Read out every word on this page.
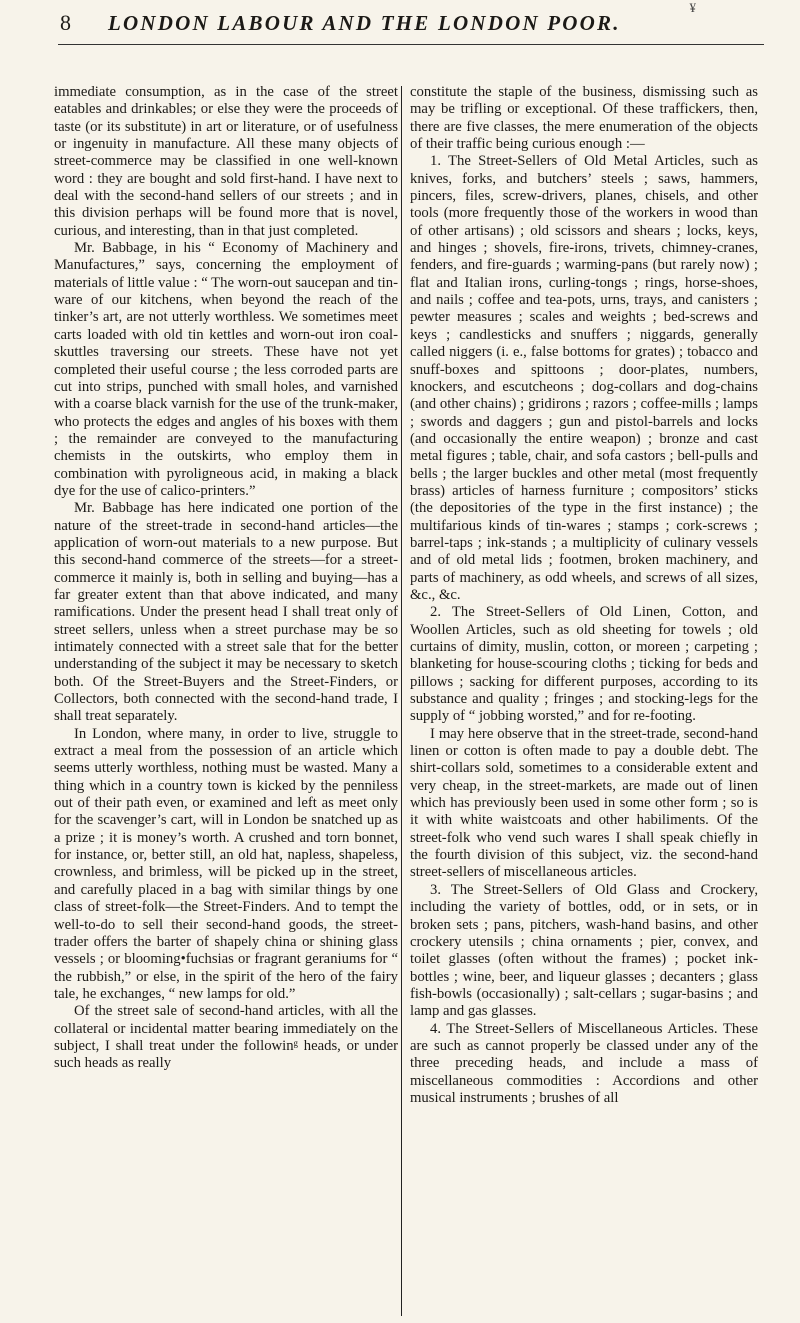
¥
8 LONDON LABOUR AND THE LONDON POOR.

immediate consumption, as in the case of the street eatables and drinkables; or else they were the proceeds of taste (or its substitute) in art or literature, or of usefulness or ingenuity in manufacture. All these many objects of street-commerce may be classified in one well-known word : they are bought and sold first-hand. I have next to deal with the second-hand sellers of our streets ; and in this division perhaps will be found more that is novel, curious, and interesting, than in that just completed.

Mr. Babbage, in his “ Economy of Machinery and Manufactures,” says, concerning the employment of materials of little value : “ The worn-out saucepan and tin-ware of our kitchens, when beyond the reach of the tinker’s art, are not utterly worthless. We sometimes meet carts loaded with old tin kettles and worn-out iron coal-skuttles traversing our streets. These have not yet completed their useful course ; the less corroded parts are cut into strips, punched with small holes, and varnished with a coarse black varnish for the use of the trunk-maker, who protects the edges and angles of his boxes with them ; the remainder are conveyed to the manufacturing chemists in the outskirts, who employ them in combination with pyroligneous acid, in making a black dye for the use of calico-printers.”

Mr. Babbage has here indicated one portion of the nature of the street-trade in second-hand articles—the application of worn-out materials to a new purpose. But this second-hand commerce of the streets—for a street-commerce it mainly is, both in selling and buying—has a far greater extent than that above indicated, and many ramifications. Under the present head I shall treat only of street sellers, unless when a street purchase may be so intimately connected with a street sale that for the better understanding of the subject it may be necessary to sketch both. Of the Street-Buyers and the Street-Finders, or Collectors, both connected with the second-hand trade, I shall treat separately.

In London, where many, in order to live, struggle to extract a meal from the possession of an article which seems utterly worthless, nothing must be wasted. Many a thing which in a country town is kicked by the penniless out of their path even, or examined and left as meet only for the scavenger’s cart, will in London be snatched up as a prize ; it is money’s worth. A crushed and torn bonnet, for instance, or, better still, an old hat, napless, shapeless, crownless, and brimless, will be picked up in the street, and carefully placed in a bag with similar things by one class of street-folk—the Street-Finders. And to tempt the well-to-do to sell their second-hand goods, the street-trader offers the barter of shapely china or shining glass vessels ; or blooming•fuchsias or fragrant geraniums for “ the rubbish,” or else, in the spirit of the hero of the fairy tale, he exchanges, “ new lamps for old.”

Of the street sale of second-hand articles, with all the collateral or incidental matter bearing immediately on the subject, I shall treat under the followinᵍ heads, or under such heads as really

constitute the staple of the business, dismissing such as may be trifling or exceptional. Of these traffickers, then, there are five classes, the mere enumeration of the objects of their traffic being curious enough :—

1. The Street-Sellers of Old Metal Articles, such as knives, forks, and butchers’ steels ; saws, hammers, pincers, files, screw-drivers, planes, chisels, and other tools (more frequently those of the workers in wood than of other artisans) ; old scissors and shears ; locks, keys, and hinges ; shovels, fire-irons, trivets, chimney-cranes, fenders, and fire-guards ; warming-pans (but rarely now) ; flat and Italian irons, curling-tongs ; rings, horse-shoes, and nails ; coffee and tea-pots, urns, trays, and canisters ; pewter measures ; scales and weights ; bed-screws and keys ; candlesticks and snuffers ; niggards, generally called niggers (i. e., false bottoms for grates) ; tobacco and snuff-boxes and spittoons ; door-plates, numbers, knockers, and escutcheons ; dog-collars and dog-chains (and other chains) ; gridirons ; razors ; coffee-mills ; lamps ; swords and daggers ; gun and pistol-barrels and locks (and occasionally the entire weapon) ; bronze and cast metal figures ; table, chair, and sofa castors ; bell-pulls and bells ; the larger buckles and other metal (most frequently brass) articles of harness furniture ; compositors’ sticks (the depositories of the type in the first instance) ; the multifarious kinds of tin-wares ; stamps ; cork-screws ; barrel-taps ; ink-stands ; a multiplicity of culinary vessels and of old metal lids ; footmen, broken machinery, and parts of machinery, as odd wheels, and screws of all sizes, &c., &c.

2. The Street-Sellers of Old Linen, Cotton, and Woollen Articles, such as old sheeting for towels ; old curtains of dimity, muslin, cotton, or moreen ; carpeting ; blanketing for house-scouring cloths ; ticking for beds and pillows ; sacking for different purposes, according to its substance and quality ; fringes ; and stocking-legs for the supply of “ jobbing worsted,” and for re-footing.

I may here observe that in the street-trade, second-hand linen or cotton is often made to pay a double debt. The shirt-collars sold, sometimes to a considerable extent and very cheap, in the street-markets, are made out of linen which has previously been used in some other form ; so is it with white waistcoats and other habiliments. Of the street-folk who vend such wares I shall speak chiefly in the fourth division of this subject, viz. the second-hand street-sellers of miscellaneous articles.

3. The Street-Sellers of Old Glass and Crockery, including the variety of bottles, odd, or in sets, or in broken sets ; pans, pitchers, wash-hand basins, and other crockery utensils ; china ornaments ; pier, convex, and toilet glasses (often without the frames) ; pocket ink-bottles ; wine, beer, and liqueur glasses ; decanters ; glass fish-bowls (occasionally) ; salt-cellars ; sugar-basins ; and lamp and gas glasses.

4. The Street-Sellers of Miscellaneous Articles. These are such as cannot properly be classed under any of the three preceding heads, and include a mass of miscellaneous commodities : Accordions and other musical instruments ; brushes of all
